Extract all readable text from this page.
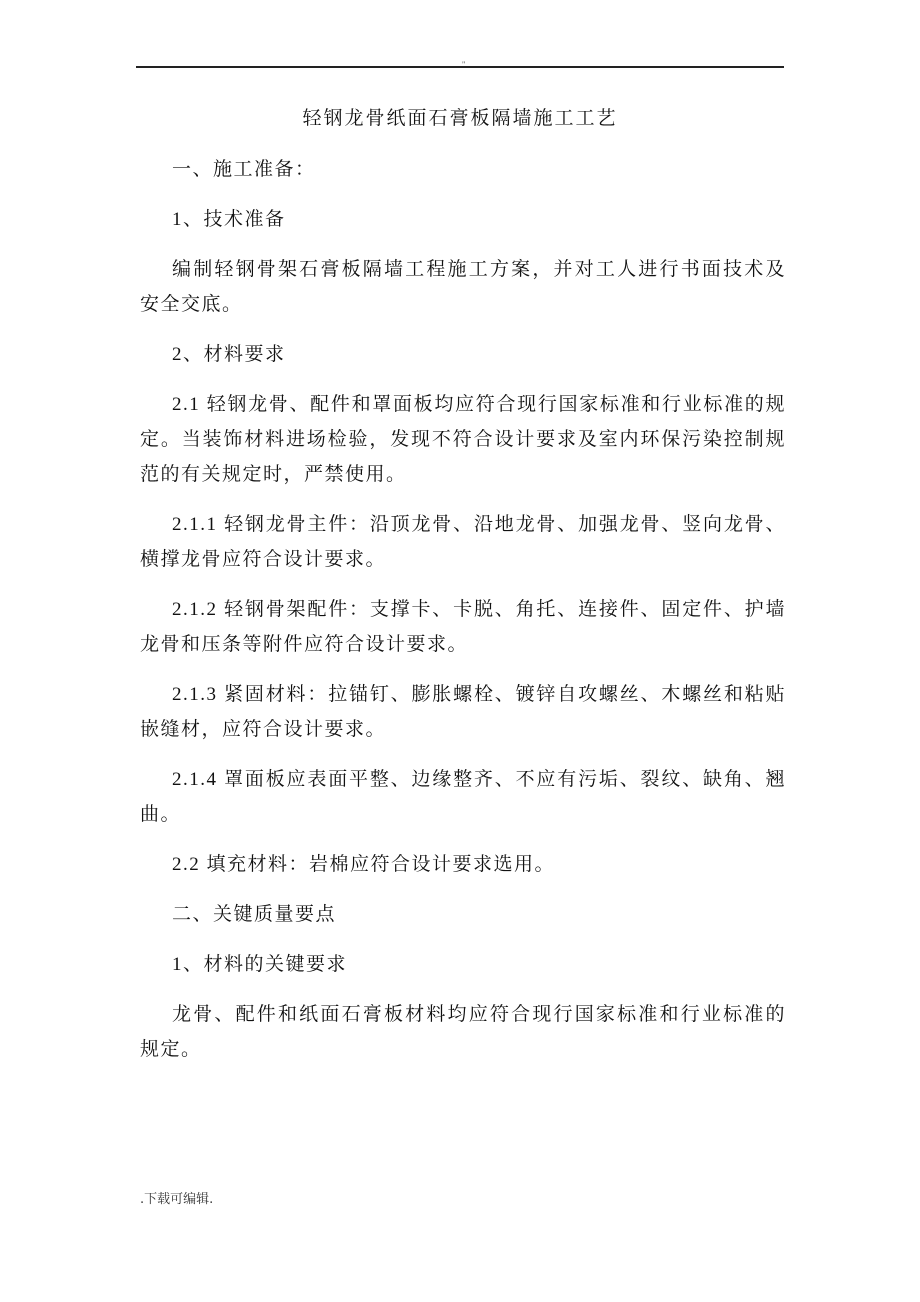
"
轻钢龙骨纸面石膏板隔墙施工工艺
一、施工准备：
1、技术准备
编制轻钢骨架石膏板隔墙工程施工方案，并对工人进行书面技术及
安全交底。
2、材料要求
2.1 轻钢龙骨、配件和罩面板均应符合现行国家标准和行业标准的规
定。当装饰材料进场检验，发现不符合设计要求及室内环保污染控制规
范的有关规定时，严禁使用。
2.1.1 轻钢龙骨主件：沿顶龙骨、沿地龙骨、加强龙骨、竖向龙骨、
横撑龙骨应符合设计要求。
2.1.2 轻钢骨架配件：支撑卡、卡脱、角托、连接件、固定件、护墙
龙骨和压条等附件应符合设计要求。
2.1.3 紧固材料：拉锚钉、膨胀螺栓、镀锌自攻螺丝、木螺丝和粘贴
嵌缝材，应符合设计要求。
2.1.4 罩面板应表面平整、边缘整齐、不应有污垢、裂纹、缺角、翘
曲。
2.2 填充材料：岩棉应符合设计要求选用。
二、关键质量要点
1、材料的关键要求
龙骨、配件和纸面石膏板材料均应符合现行国家标准和行业标准的
规定。
.下载可编辑.
